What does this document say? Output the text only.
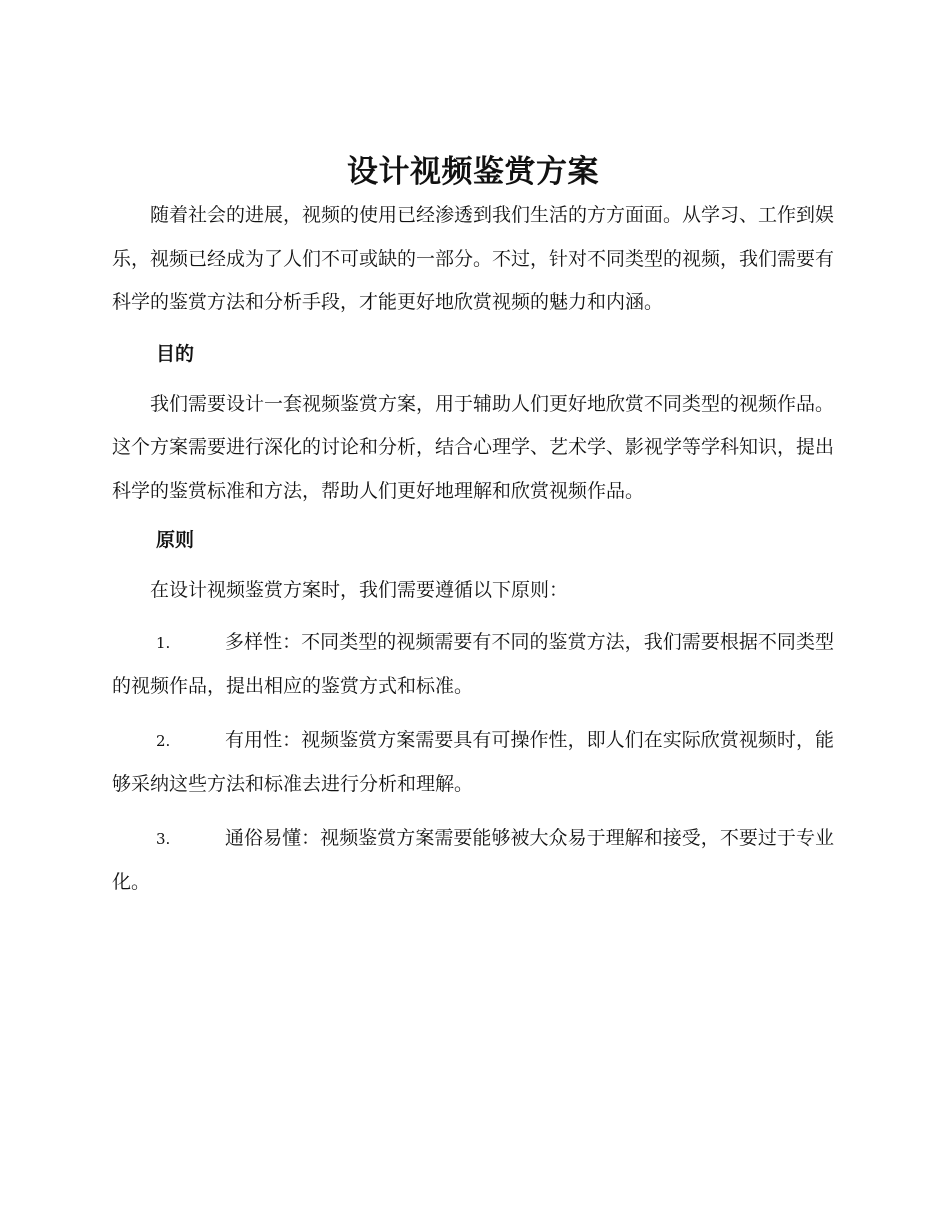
设计视频鉴赏方案

随着社会的进展，视频的使用已经渗透到我们生活的方方面面。从学习、工作到娱乐，视频已经成为了人们不可或缺的一部分。不过，针对不同类型的视频，我们需要有科学的鉴赏方法和分析手段，才能更好地欣赏视频的魅力和内涵。

目的

我们需要设计一套视频鉴赏方案，用于辅助人们更好地欣赏不同类型的视频作品。这个方案需要进行深化的讨论和分析，结合心理学、艺术学、影视学等学科知识，提出科学的鉴赏标准和方法，帮助人们更好地理解和欣赏视频作品。

原则

在设计视频鉴赏方案时，我们需要遵循以下原则：

1.	多样性：不同类型的视频需要有不同的鉴赏方法，我们需要根据不同类型的视频作品，提出相应的鉴赏方式和标准。

2.	有用性：视频鉴赏方案需要具有可操作性，即人们在实际欣赏视频时，能够采纳这些方法和标准去进行分析和理解。

3.	通俗易懂：视频鉴赏方案需要能够被大众易于理解和接受，不要过于专业化。
